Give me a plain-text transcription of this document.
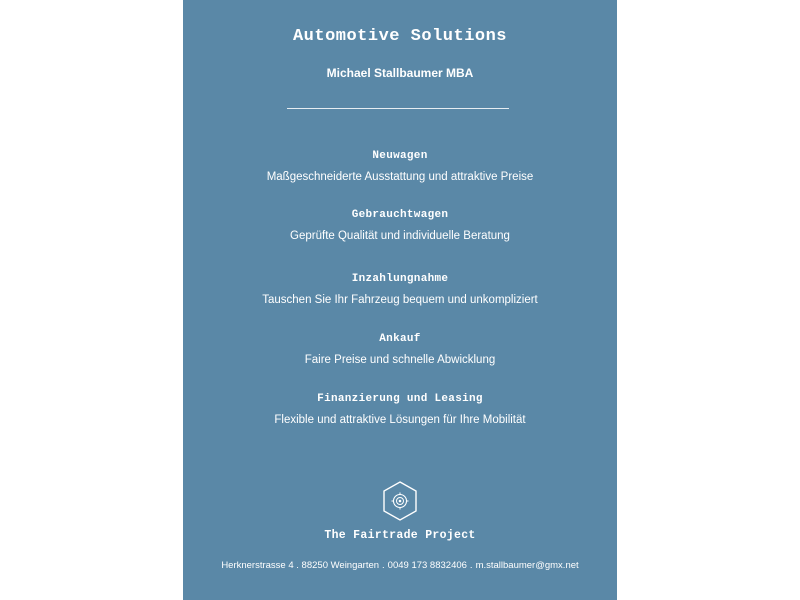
Automotive Solutions
Michael Stallbaumer MBA
Neuwagen
Maßgeschneiderte Ausstattung und attraktive Preise
Gebrauchtwagen
Geprüfte Qualität und individuelle Beratung
Inzahlungnahme
Tauschen Sie Ihr Fahrzeug bequem und unkompliziert
Ankauf
Faire Preise und schnelle Abwicklung
Finanzierung und Leasing
Flexible und attraktive Lösungen für Ihre Mobilität
The Fairtrade Project
Herknerstrasse 4 . 88250 Weingarten . 0049 173 8832406 . m.stallbaumer@gmx.net
